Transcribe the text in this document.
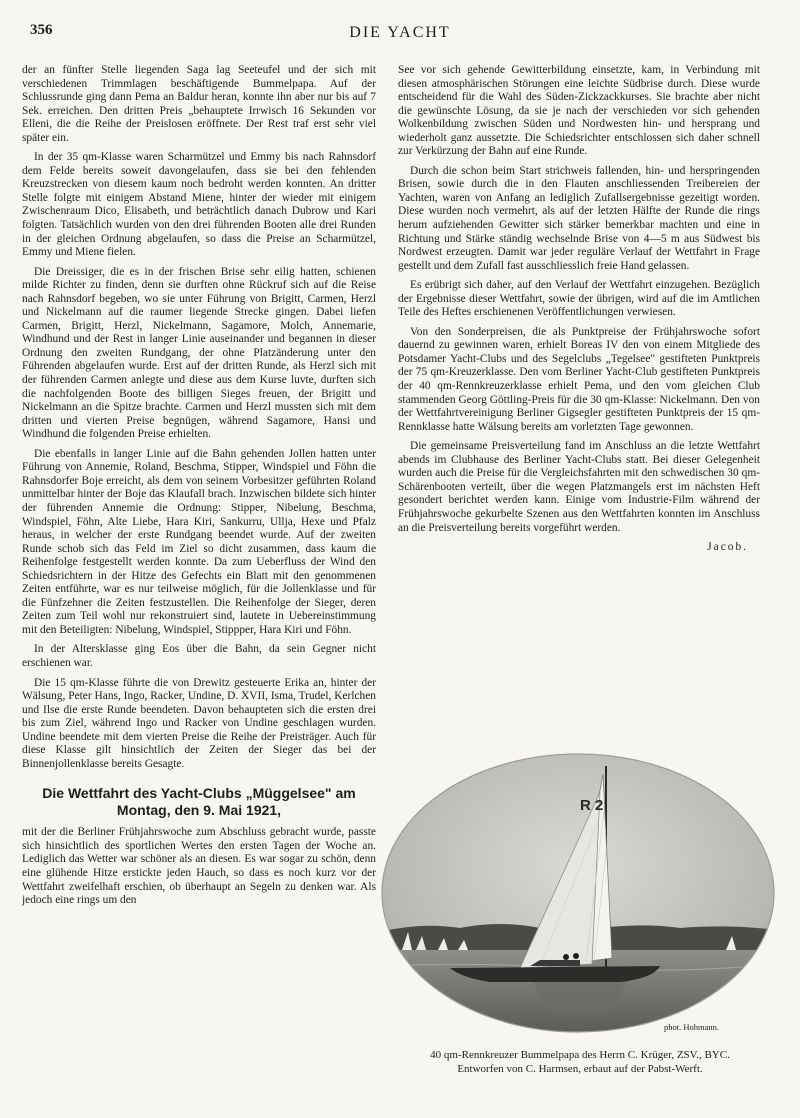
356	DIE YACHT

der an fünfter Stelle liegenden Saga lag Seeteufel und der sich mit verschiedenen Trimmlagen beschäftigende Bummelpapa. Auf der Schlussrunde ging dann Pema an Baldur heran, konnte ihn aber nur bis auf 7 Sek. erreichen. Den dritten Preis „behauptete Irrwisch 16 Sekunden vor Elleni, die die Reihe der Preislosen eröffnete. Der Rest traf erst sehr viel später ein.

In der 35 qm-Klasse waren Scharmützel und Emmy bis nach Rahnsdorf dem Felde bereits soweit davongelaufen, dass sie bei den fehlenden Kreuzstrecken von diesem kaum noch bedroht werden konnten. An dritter Stelle folgte mit einigem Abstand Miene, hinter der wieder mit einigem Zwischenraum Dico, Elisabeth, und beträchtlich danach Dubrow und Kari folgten. Tatsächlich wurden von den drei führenden Booten alle drei Runden in der gleichen Ordnung abgelaufen, so dass die Preise an Scharmützel, Emmy und Miene fielen.

Die Dreissiger, die es in der frischen Brise sehr eilig hatten, schienen milde Richter zu finden, denn sie durften ohne Rückruf sich auf die Reise nach Rahnsdorf begeben, wo sie unter Führung von Brigitt, Carmen, Herzl und Nickelmann auf die raumer liegende Strecke gingen. Dabei liefen Carmen, Brigitt, Herzl, Nickelmann, Sagamore, Molch, Annemarie, Windhund und der Rest in langer Linie auseinander und begannen in dieser Ordnung den zweiten Rundgang, der ohne Platzänderung unter den Führenden abgelaufen wurde. Erst auf der dritten Runde, als Herzl sich mit der führenden Carmen anlegte und diese aus dem Kurse luvte, durften sich die nachfolgenden Boote des billigen Sieges freuen, der Brigitt und Nickelmann an die Spitze brachte. Carmen und Herzl mussten sich mit dem dritten und vierten Preise begnügen, während Sagamore, Hansi und Windhund die folgenden Preise erhielten.

Die ebenfalls in langer Linie auf die Bahn gehenden Jollen hatten unter Führung von Annemie, Roland, Beschma, Stipper, Windspiel und Föhn die Rahnsdorfer Boje erreicht, als dem von seinem Vorbesitzer geführten Roland unmittelbar hinter der Boje das Klaufall brach. Inzwischen bildete sich hinter der führenden Annemie die Ordnung: Stipper, Nibelung, Beschma, Windspiel, Föhn, Alte Liebe, Hara Kiri, Sankurru, Ullja, Hexe und Pfalz heraus, in welcher der erste Rundgang beendet wurde. Auf der zweiten Runde schob sich das Feld im Ziel so dicht zusammen, dass kaum die Reihenfolge festgestellt werden konnte. Da zum Ueberfluss der Wind den Schiedsrichtern in der Hitze des Gefechts ein Blatt mit den genommenen Zeiten entführte, war es nur teilweise möglich, für die Jollenklasse und für die Fünfzehner die Zeiten festzustellen. Die Reihenfolge der Sieger, deren Zeiten zum Teil wohl nur rekonstruiert sind, lautete in Uebereinstimmung mit den Beteiligten: Nibelung, Windspiel, Stippper, Hara Kiri und Föhn.

In der Altersklasse ging Eos über die Bahn, da sein Gegner nicht erschienen war.

Die 15 qm-Klasse führte die von Drewitz gesteuerte Erika an, hinter der Wälsung, Peter Hans, Ingo, Racker, Undine, D. XVII, Isma, Trudel, Kerlchen und Ilse die erste Runde beendeten. Davon behaupteten sich die ersten drei bis zum Ziel, während Ingo und Racker von Undine geschlagen wurden. Undine beendete mit dem vierten Preise die Reihe der Preisträger. Auch für diese Klasse gilt hinsichtlich der Zeiten der Sieger das bei der Binnenjollenklasse bereits Gesagte.

Die Wettfahrt des Yacht-Clubs „Müggelsee" am Montag, den 9. Mai 1921,

mit der die Berliner Frühjahrswoche zum Abschluss gebracht wurde, passte sich hinsichtlich des sportlichen Wertes den ersten Tagen der Woche an. Lediglich das Wetter war schöner als an diesen. Es war sogar zu schön, denn eine glühende Hitze erstickte jeden Hauch, so dass es noch kurz vor der Wettfahrt zweifelhaft erschien, ob überhaupt an Segeln zu denken war. Als jedoch eine rings um den

See vor sich gehende Gewitterbildung einsetzte, kam, in Verbindung mit diesen atmosphärischen Störungen eine leichte Südbrise durch. Diese wurde entscheidend für die Wahl des Süden-Zickzackkurses. Sie brachte aber nicht die gewünschte Lösung, da sie je nach der verschieden vor sich gehenden Wolkenbildung zwischen Süden und Nordwesten hin- und hersprang und wiederholt ganz aussetzte. Die Schiedsrichter entschlossen sich daher schnell zur Verkürzung der Bahn auf eine Runde.

Durch die schon beim Start strichweis fallenden, hin- und herspringenden Brisen, sowie durch die in den Flauten anschliessenden Treibereien der Yachten, waren von Anfang an lediglich Zufallsergebnisse gezeitigt worden. Diese wurden noch vermehrt, als auf der letzten Hälfte der Runde die rings herum aufziehenden Gewitter sich stärker bemerkbar machten und eine in Richtung und Stärke ständig wechselnde Brise von 4—5 m aus Südwest bis Nordwest erzeugten. Damit war jeder reguläre Verlauf der Wettfahrt in Frage gestellt und dem Zufall fast ausschliesslich freie Hand gelassen.

Es erübrigt sich daher, auf den Verlauf der Wettfahrt einzugehen. Bezüglich der Ergebnisse dieser Wettfahrt, sowie der übrigen, wird auf die im Amtlichen Teile des Heftes erschienenen Veröffentlichungen verwiesen.

Von den Sonderpreisen, die als Punktpreise der Frühjahrswoche sofort dauernd zu gewinnen waren, erhielt Boreas IV den von einem Mitgliede des Potsdamer Yacht-Clubs und des Segelclubs „Tegelsee" gestifteten Punktpreis der 75 qm-Kreuzerklasse. Den vom Berliner Yacht-Club gestifteten Punktpreis der 40 qm-Rennkreuzerklasse erhielt Pema, und den vom gleichen Club stammenden Georg Göttling-Preis für die 30 qm-Klasse: Nickelmann. Den von der Wettfahrtvereinigung Berliner Gigsegler gestifteten Punktpreis der 15 qm-Rennklasse hatte Wälsung bereits am vorletzten Tage gewonnen.

Die gemeinsame Preisverteilung fand im Anschluss an die letzte Wettfahrt abends im Clubhause des Berliner Yacht-Clubs statt. Bei dieser Gelegenheit wurden auch die Preise für die Vergleichsfahrten mit den schwedischen 30 qm-Schärenbooten verteilt, über die wegen Platzmangels erst im nächsten Heft gesondert berichtet werden kann. Einige vom Industrie-Film während der Frühjahrswoche gekurbelte Szenen aus den Wettfahrten konnten im Anschluss an die Preisverteilung bereits vorgeführt werden.

Jacob.
R 2
phot. Hohmann.
40 qm-Rennkreuzer Bummelpapa des Herrn C. Krüger, ZSV., BYC.
Entworfen von C. Harmsen, erbaut auf der Pabst-Werft.
